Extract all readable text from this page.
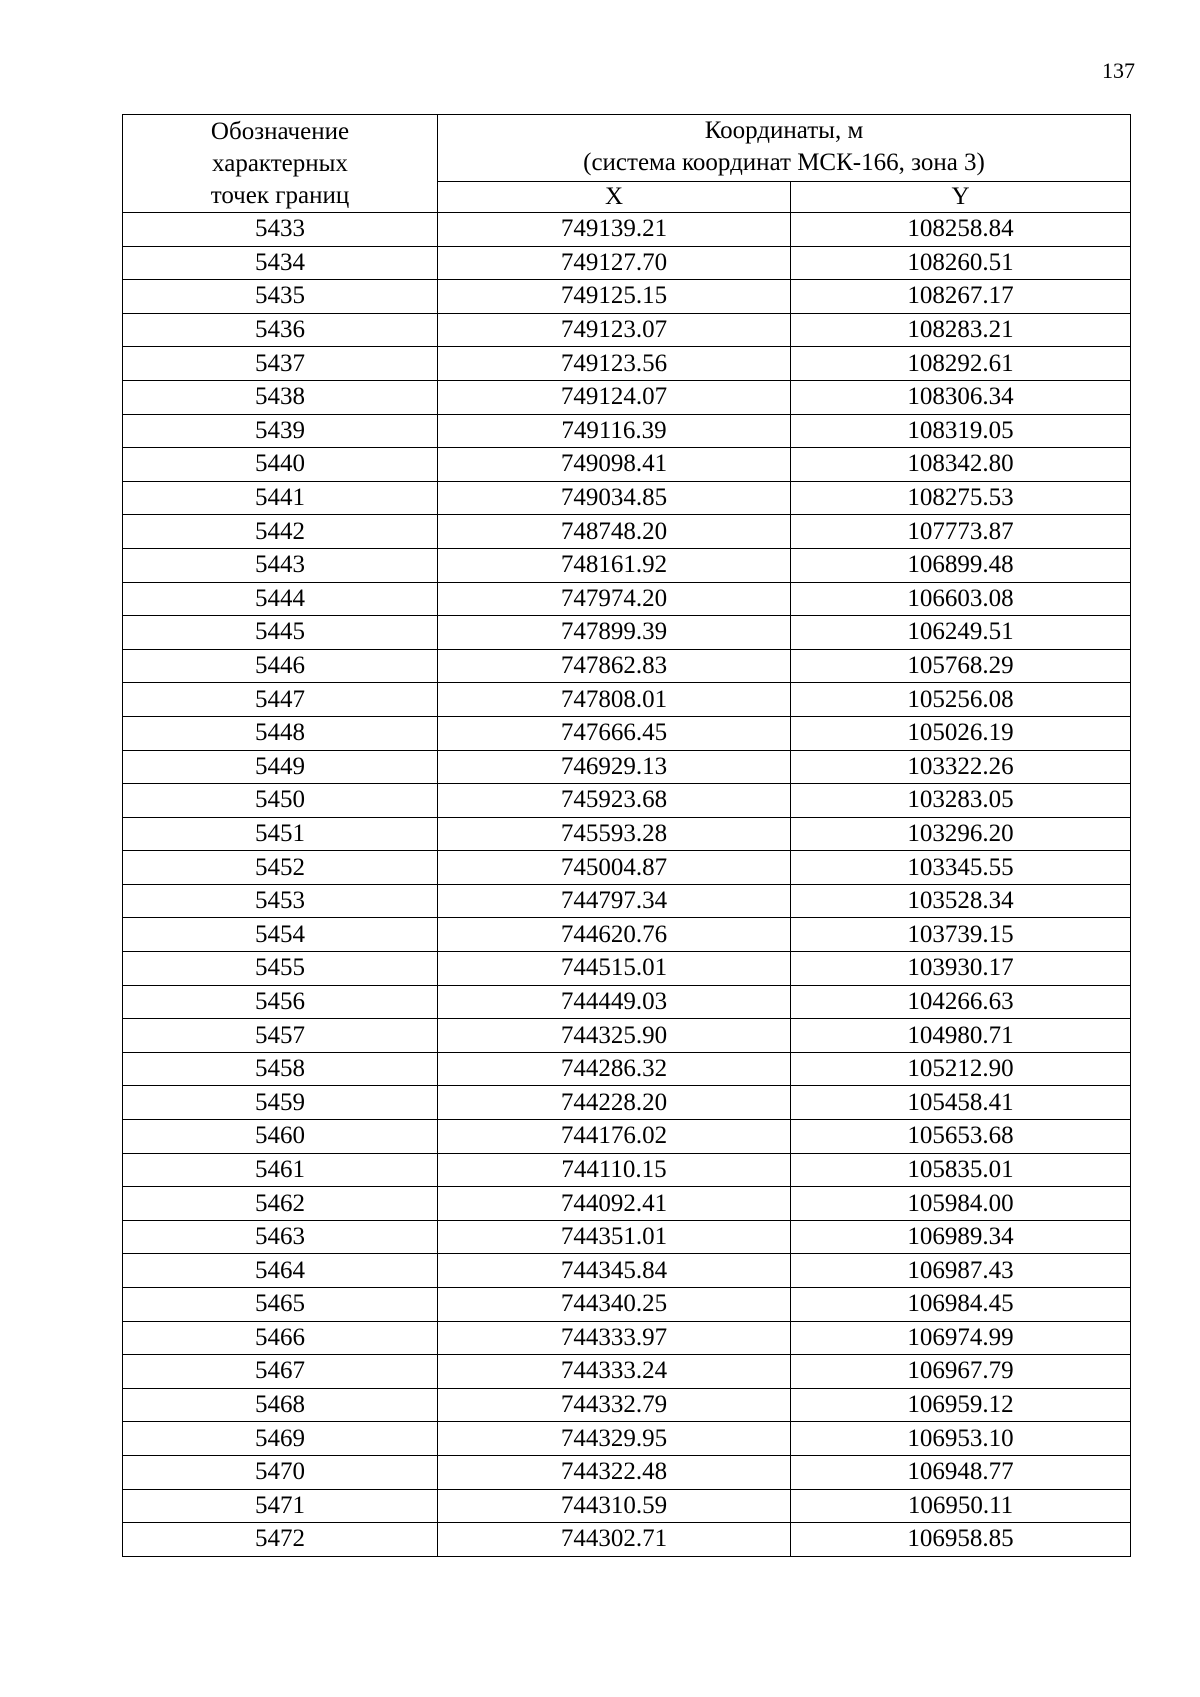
137
Обозначение
характерных
точек границ	Координаты, м
(система координат МСК-166, зона 3)	

	X	Y
5433	749139.21	108258.84
5434	749127.70	108260.51
5435	749125.15	108267.17
5436	749123.07	108283.21
5437	749123.56	108292.61
5438	749124.07	108306.34
5439	749116.39	108319.05
5440	749098.41	108342.80
5441	749034.85	108275.53
5442	748748.20	107773.87
5443	748161.92	106899.48
5444	747974.20	106603.08
5445	747899.39	106249.51
5446	747862.83	105768.29
5447	747808.01	105256.08
5448	747666.45	105026.19
5449	746929.13	103322.26
5450	745923.68	103283.05
5451	745593.28	103296.20
5452	745004.87	103345.55
5453	744797.34	103528.34
5454	744620.76	103739.15
5455	744515.01	103930.17
5456	744449.03	104266.63
5457	744325.90	104980.71
5458	744286.32	105212.90
5459	744228.20	105458.41
5460	744176.02	105653.68
5461	744110.15	105835.01
5462	744092.41	105984.00
5463	744351.01	106989.34
5464	744345.84	106987.43
5465	744340.25	106984.45
5466	744333.97	106974.99
5467	744333.24	106967.79
5468	744332.79	106959.12
5469	744329.95	106953.10
5470	744322.48	106948.77
5471	744310.59	106950.11
5472	744302.71	106958.85
